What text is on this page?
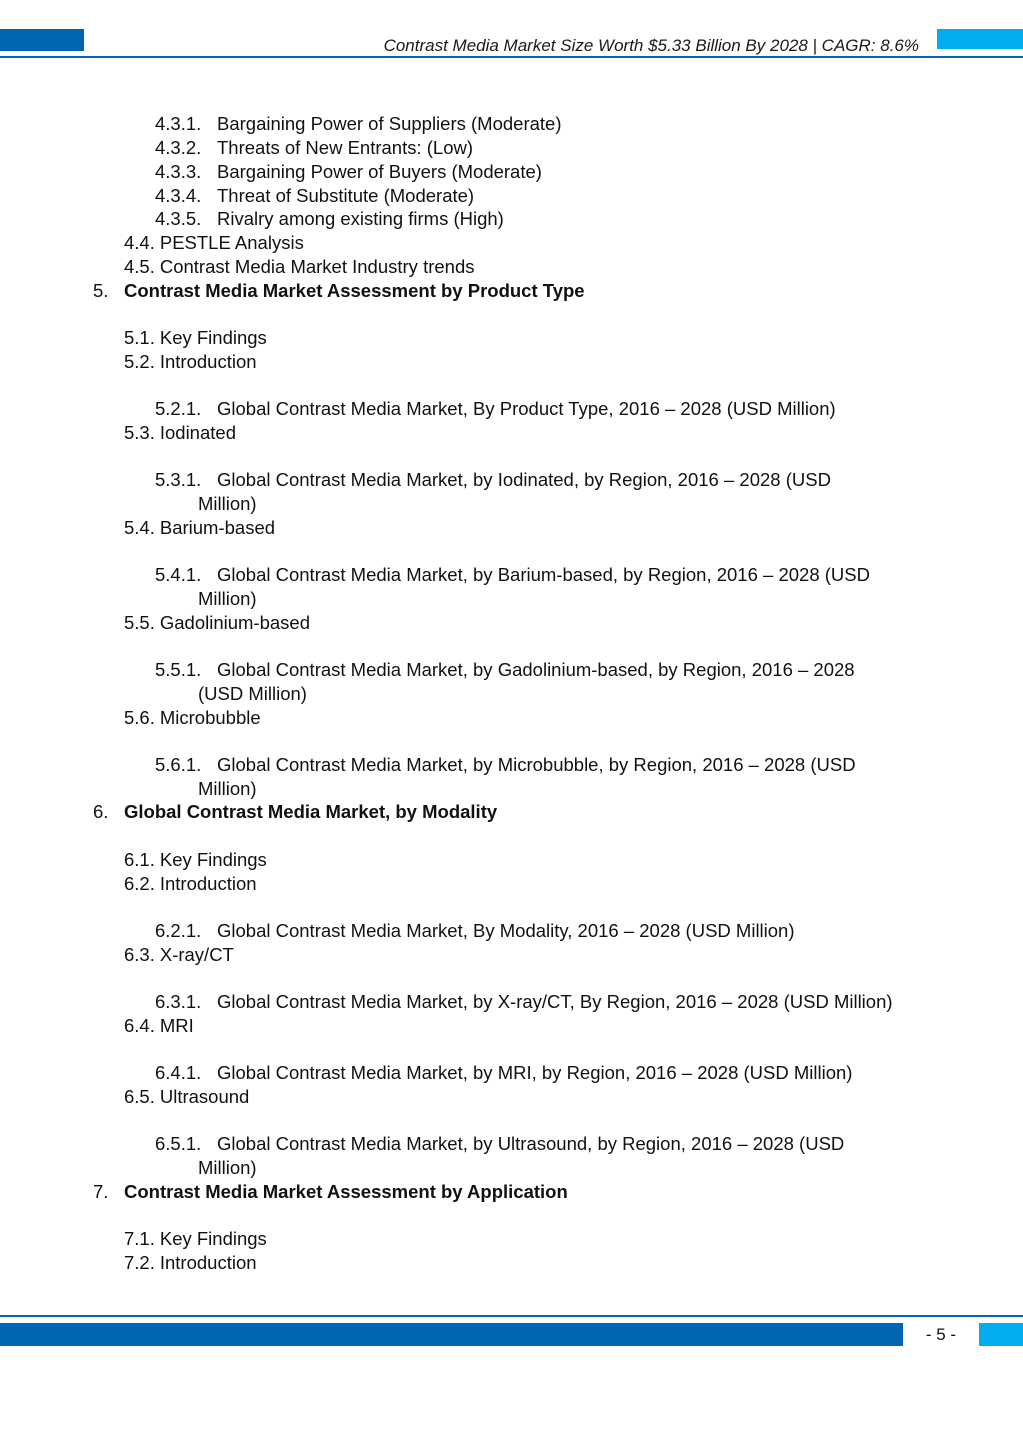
Contrast Media Market Size Worth $5.33 Billion By 2028 | CAGR: 8.6%
4.3.1. Bargaining Power of Suppliers (Moderate)
4.3.2. Threats of New Entrants: (Low)
4.3.3. Bargaining Power of Buyers (Moderate)
4.3.4. Threat of Substitute (Moderate)
4.3.5. Rivalry among existing firms (High)
4.4. PESTLE Analysis
4.5. Contrast Media Market Industry trends
5. Contrast Media Market Assessment by Product Type
5.1. Key Findings
5.2. Introduction
5.2.1. Global Contrast Media Market, By Product Type, 2016 – 2028 (USD Million)
5.3. Iodinated
5.3.1. Global Contrast Media Market, by Iodinated, by Region, 2016 – 2028 (USD
Million)
5.4. Barium-based
5.4.1. Global Contrast Media Market, by Barium-based, by Region, 2016 – 2028 (USD
Million)
5.5. Gadolinium-based
5.5.1. Global Contrast Media Market, by Gadolinium-based, by Region, 2016 – 2028
(USD Million)
5.6. Microbubble
5.6.1. Global Contrast Media Market, by Microbubble, by Region, 2016 – 2028 (USD
Million)
6. Global Contrast Media Market, by Modality
6.1. Key Findings
6.2. Introduction
6.2.1. Global Contrast Media Market, By Modality, 2016 – 2028 (USD Million)
6.3. X-ray/CT
6.3.1. Global Contrast Media Market, by X-ray/CT, By Region, 2016 – 2028 (USD Million)
6.4. MRI
6.4.1. Global Contrast Media Market, by MRI, by Region, 2016 – 2028 (USD Million)
6.5. Ultrasound
6.5.1. Global Contrast Media Market, by Ultrasound, by Region, 2016 – 2028 (USD
Million)
7. Contrast Media Market Assessment by Application
7.1. Key Findings
7.2. Introduction
- 5 -
